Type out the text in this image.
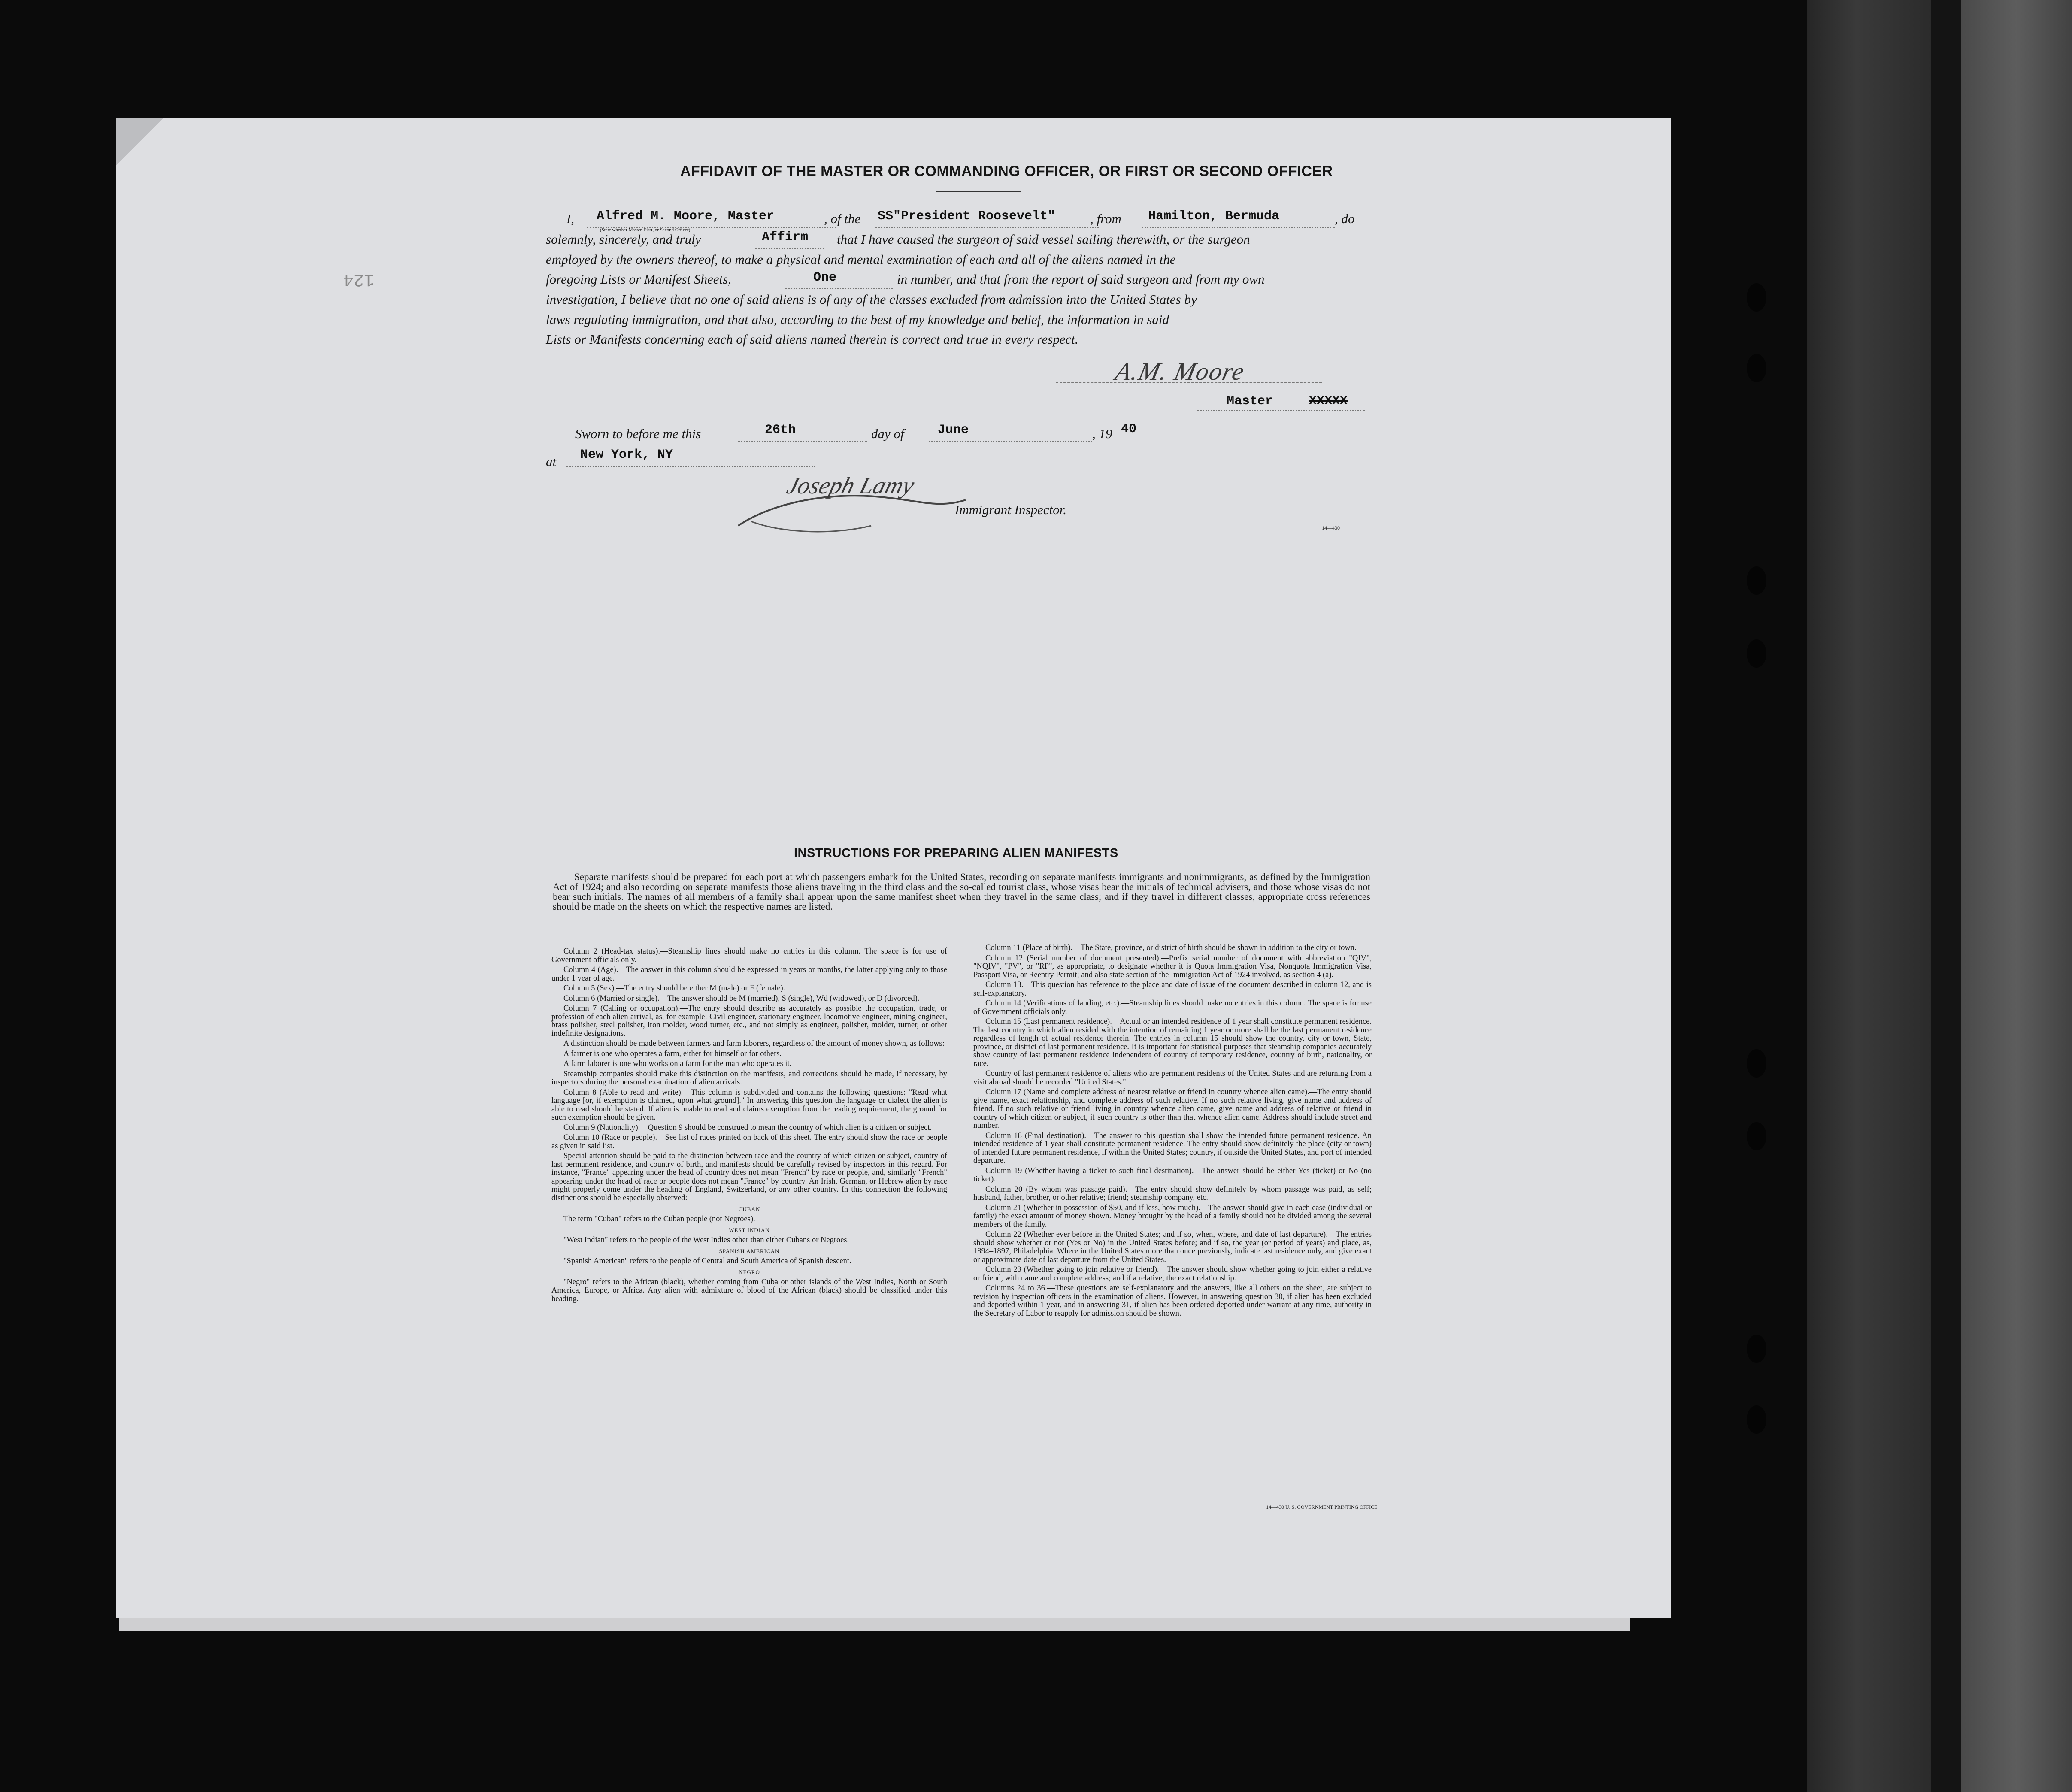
124
AFFIDAVIT OF THE MASTER OR COMMANDING OFFICER, OR FIRST OR SECOND OFFICER
I, Alfred M. Moore, Master
(State whether Master, First, or Second Officer)
, of the SS"President Roosevelt"	, from Hamilton, Bermuda	, do
solemnly, sincerely, and truly	Affirm that I have caused the surgeon of said vessel sailing therewith, or the surgeon
employed by the owners thereof, to make a physical and mental examination of each and all of the aliens named in the
foregoing Lists or Manifest Sheets,	One	in number, and that from the report of said surgeon and from my own
investigation, I believe that no one of said aliens is of any of the classes excluded from admission into the United States by
laws regulating immigration, and that also, according to the best of my knowledge and belief, the information in said
Lists or Manifests concerning each of said aliens named therein is correct and true in every respect.
A.M. Moore
Master	XXXXX
Sworn to before me this	26th	day of	June	, 19 40
at New York, NY
Joseph Lamy
Immigrant Inspector.
14—430
INSTRUCTIONS FOR PREPARING ALIEN MANIFESTS
Separate manifests should be prepared for each port at which passengers embark for the United States, recording on separate manifests immigrants and nonimmigrants, as defined by the Immigration Act of 1924; and also recording on separate manifests those aliens traveling in the third class and the so-called tourist class, whose visas bear the initials of technical advisers, and those whose visas do not bear such initials. The names of all members of a family shall appear upon the same manifest sheet when they travel in the same class; and if they travel in different classes, appropriate cross references should be made on the sheets on which the respective names are listed.

Column 2 (Head-tax status).—Steamship lines should make no entries in this column. The space is for use of Government officials only.

Column 4 (Age).—The answer in this column should be expressed in years or months, the latter applying only to those under 1 year of age.

Column 5 (Sex).—The entry should be either M (male) or F (female).

Column 6 (Married or single).—The answer should be M (married), S (single), Wd (widowed), or D (divorced).

Column 7 (Calling or occupation).—The entry should describe as accurately as possible the occupation, trade, or profession of each alien arrival, as, for example: Civil engineer, stationary engineer, locomotive engineer, mining engineer, brass polisher, steel polisher, iron molder, wood turner, etc., and not simply as engineer, polisher, molder, turner, or other indefinite designations.

A distinction should be made between farmers and farm laborers, regardless of the amount of money shown, as follows:

A farmer is one who operates a farm, either for himself or for others.

A farm laborer is one who works on a farm for the man who operates it.

Steamship companies should make this distinction on the manifests, and corrections should be made, if necessary, by inspectors during the personal examination of alien arrivals.

Column 8 (Able to read and write).—This column is subdivided and contains the following questions: "Read what language [or, if exemption is claimed, upon what ground]." In answering this question the language or dialect the alien is able to read should be stated. If alien is unable to read and claims exemption from the reading requirement, the ground for such exemption should be given.

Column 9 (Nationality).—Question 9 should be construed to mean the country of which alien is a citizen or subject.

Column 10 (Race or people).—See list of races printed on back of this sheet. The entry should show the race or people as given in said list.

Special attention should be paid to the distinction between race and the country of which citizen or subject, country of last permanent residence, and country of birth, and manifests should be carefully revised by inspectors in this regard. For instance, "France" appearing under the head of country does not mean "French" by race or people, and, similarly "French" appearing under the head of race or people does not mean "France" by country. An Irish, German, or Hebrew alien by race might properly come under the heading of England, Switzerland, or any other country. In this connection the following distinctions should be especially observed:

CUBAN

The term "Cuban" refers to the Cuban people (not Negroes).

WEST INDIAN

"West Indian" refers to the people of the West Indies other than either Cubans or Negroes.

SPANISH AMERICAN

"Spanish American" refers to the people of Central and South America of Spanish descent.

NEGRO

"Negro" refers to the African (black), whether coming from Cuba or other islands of the West Indies, North or South America, Europe, or Africa. Any alien with admixture of blood of the African (black) should be classified under this heading.

Column 11 (Place of birth).—The State, province, or district of birth should be shown in addition to the city or town.

Column 12 (Serial number of document presented).—Prefix serial number of document with abbreviation "QIV", "NQIV", "PV", or "RP", as appropriate, to designate whether it is Quota Immigration Visa, Nonquota Immigration Visa, Passport Visa, or Reentry Permit; and also state section of the Immigration Act of 1924 involved, as section 4 (a).

Column 13.—This question has reference to the place and date of issue of the document described in column 12, and is self-explanatory.

Column 14 (Verifications of landing, etc.).—Steamship lines should make no entries in this column. The space is for use of Government officials only.

Column 15 (Last permanent residence).—Actual or an intended residence of 1 year shall constitute permanent residence. The last country in which alien resided with the intention of remaining 1 year or more shall be the last permanent residence regardless of length of actual residence therein. The entries in column 15 should show the country, city or town, State, province, or district of last permanent residence. It is important for statistical purposes that steamship companies accurately show country of last permanent residence independent of country of temporary residence, country of birth, nationality, or race.

Country of last permanent residence of aliens who are permanent residents of the United States and are returning from a visit abroad should be recorded "United States."

Column 17 (Name and complete address of nearest relative or friend in country whence alien came).—The entry should give name, exact relationship, and complete address of such relative. If no such relative living, give name and address of friend. If no such relative or friend living in country whence alien came, give name and address of relative or friend in country of which citizen or subject, if such country is other than that whence alien came. Address should include street and number.

Column 18 (Final destination).—The answer to this question shall show the intended future permanent residence. An intended residence of 1 year shall constitute permanent residence. The entry should show definitely the place (city or town) of intended future permanent residence, if within the United States; country, if outside the United States, and port of intended departure.

Column 19 (Whether having a ticket to such final destination).—The answer should be either Yes (ticket) or No (no ticket).

Column 20 (By whom was passage paid).—The entry should show definitely by whom passage was paid, as self; husband, father, brother, or other relative; friend; steamship company, etc.

Column 21 (Whether in possession of $50, and if less, how much).—The answer should give in each case (individual or family) the exact amount of money shown. Money brought by the head of a family should not be divided among the several members of the family.

Column 22 (Whether ever before in the United States; and if so, when, where, and date of last departure).—The entries should show whether or not (Yes or No) in the United States before; and if so, the year (or period of years) and place, as, 1894–1897, Philadelphia. Where in the United States more than once previously, indicate last residence only, and give exact or approximate date of last departure from the United States.

Column 23 (Whether going to join relative or friend).—The answer should show whether going to join either a relative or friend, with name and complete address; and if a relative, the exact relationship.

Columns 24 to 36.—These questions are self-explanatory and the answers, like all others on the sheet, are subject to revision by inspection officers in the examination of aliens. However, in answering question 30, if alien has been excluded and deported within 1 year, and in answering 31, if alien has been ordered deported under warrant at any time, authority in the Secretary of Labor to reapply for admission should be shown.

14—430 U. S. GOVERNMENT PRINTING OFFICE
